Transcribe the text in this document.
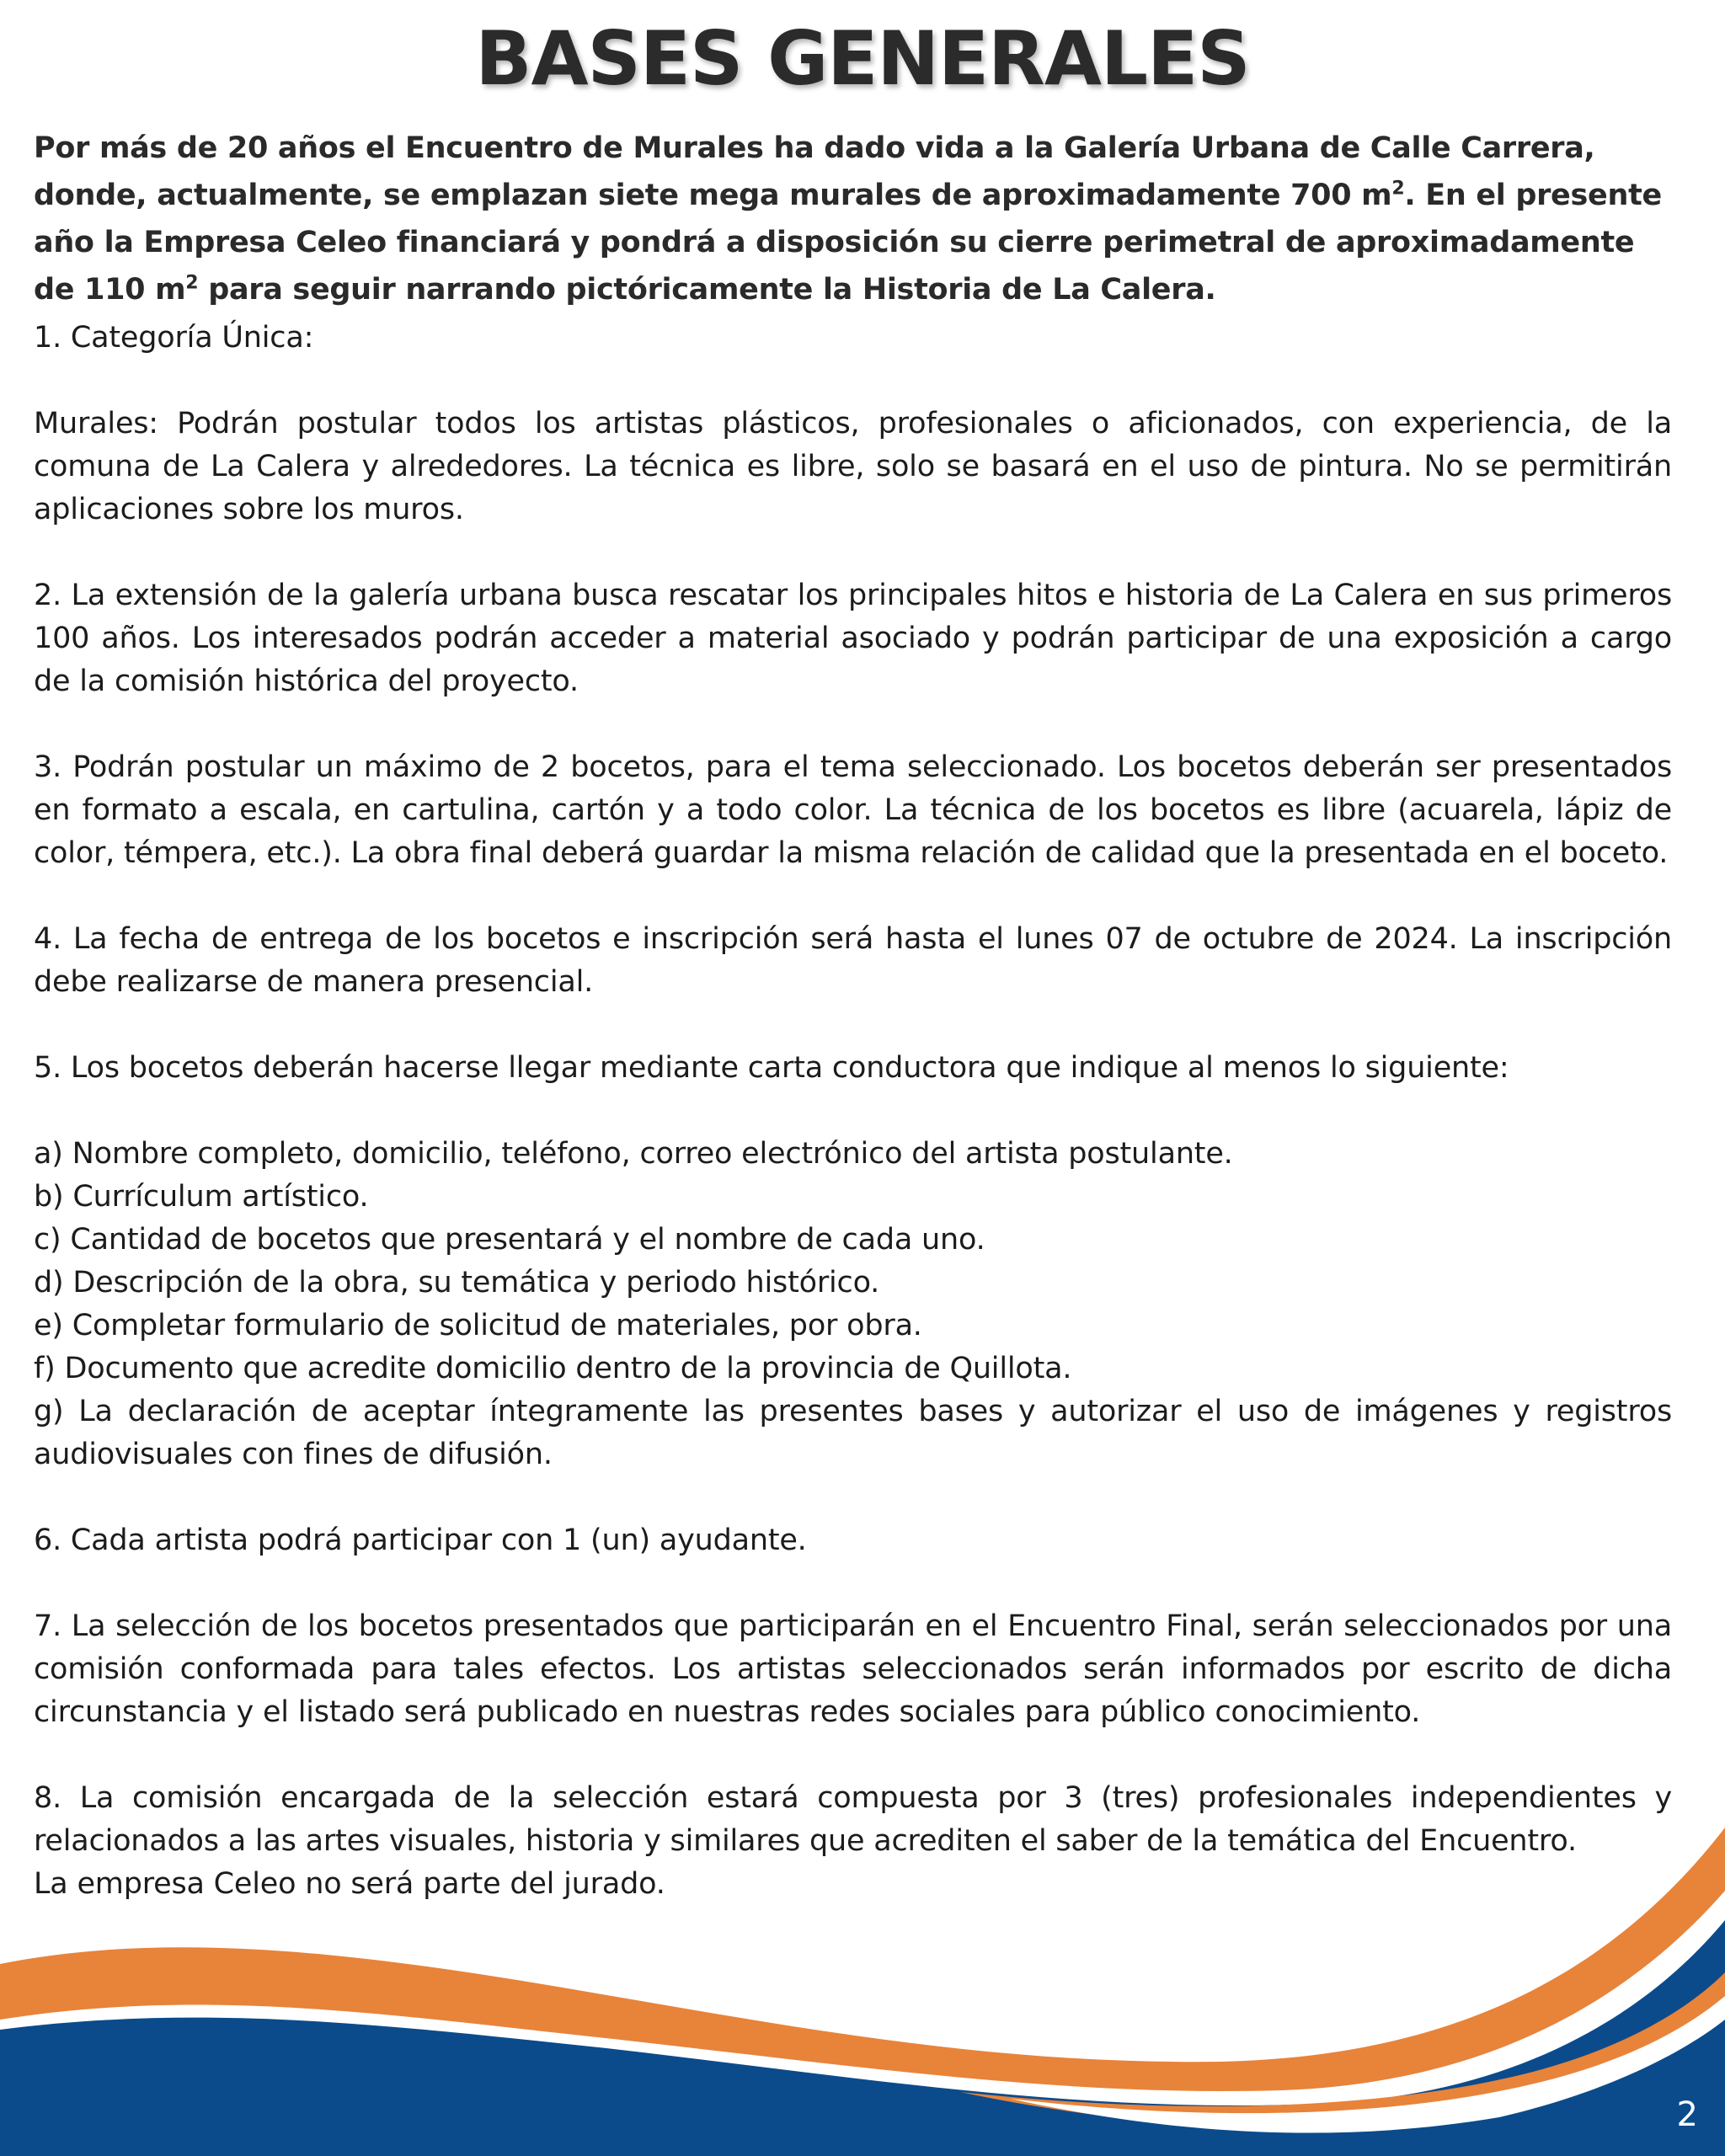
BASES GENERALES

Por más de 20 años el Encuentro de Murales ha dado vida a la Galería Urbana de Calle Carrera, donde, actualmente, se emplazan siete mega murales de aproximadamente 700 $m^2$. En el presente año la Empresa Celeo financiará y pondrá a disposición su cierre perimetral de aproximadamente de 110 $m^2$ para seguir narrando pictóricamente la Historia de La Calera.

1. Categoría Única:

Murales: Podrán postular todos los artistas plásticos, profesionales o aficionados, con experiencia, de la comuna de La Calera y alrededores. La técnica es libre, solo se basará en el uso de pintura. No se permitirán aplicaciones sobre los muros.

2. La extensión de la galería urbana busca rescatar los principales hitos e historia de La Calera en sus primeros 100 años. Los interesados podrán acceder a material asociado y podrán participar de una exposición a cargo de la comisión histórica del proyecto.

3. Podrán postular un máximo de 2 bocetos, para el tema seleccionado. Los bocetos deberán ser presentados en formato a escala, en cartulina, cartón y a todo color. La técnica de los bocetos es libre (acuarela, lápiz de color, témpera, etc.). La obra final deberá guardar la misma relación de calidad que la presentada en el boceto.

4. La fecha de entrega de los bocetos e inscripción será hasta el lunes 07 de octubre de 2024. La inscripción debe realizarse de manera presencial.

5. Los bocetos deberán hacerse llegar mediante carta conductora que indique al menos lo siguiente:

a) Nombre completo, domicilio, teléfono, correo electrónico del artista postulante.
b) Currículum artístico.
c) Cantidad de bocetos que presentará y el nombre de cada uno.
d) Descripción de la obra, su temática y periodo histórico.
e) Completar formulario de solicitud de materiales, por obra.
f) Documento que acredite domicilio dentro de la provincia de Quillota.
g) La declaración de aceptar íntegramente las presentes bases y autorizar el uso de imágenes y registros audiovisuales con fines de difusión.

6. Cada artista podrá participar con 1 (un) ayudante.

7. La selección de los bocetos presentados que participarán en el Encuentro Final, serán seleccionados por una comisión conformada para tales efectos. Los artistas seleccionados serán informados por escrito de dicha circunstancia y el listado será publicado en nuestras redes sociales para público conocimiento.

8. La comisión encargada de la selección estará compuesta por 3 (tres) profesionales independientes y relacionados a las artes visuales, historia y similares que acrediten el saber de la temática del Encuentro.

La empresa Celeo no será parte del jurado.

2
